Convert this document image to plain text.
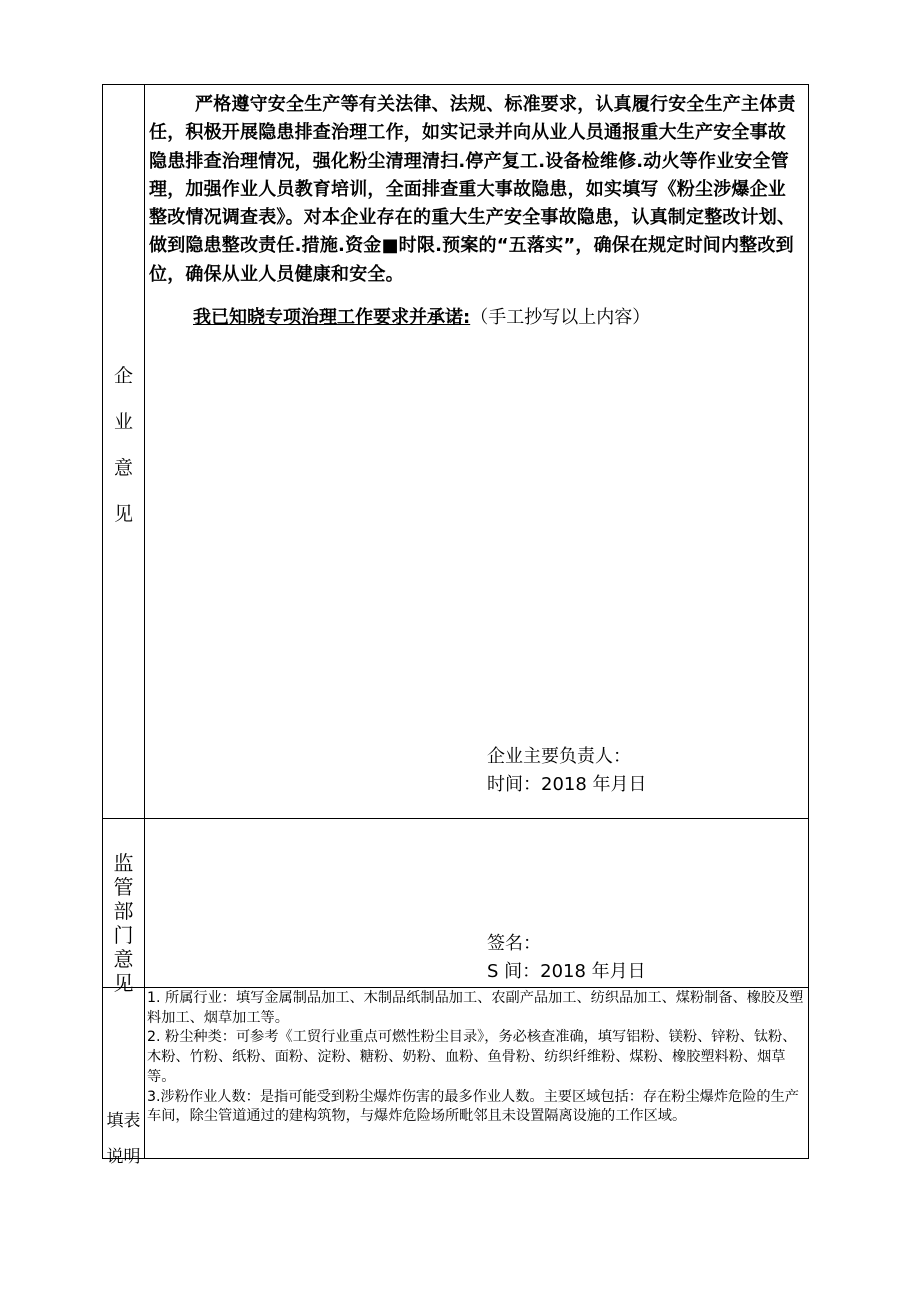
企
业
意
见

严格遵守安全生产等有关法律、法规、标准要求，认真履行安全生产主体责任，积极开展隐患排查治理工作，如实记录并向从业人员通报重大生产安全事故隐患排查治理情况，强化粉尘清理清扫.停产复工.设备检维修.动火等作业安全管理，加强作业人员教育培训，全面排查重大事故隐患，如实填写《粉尘涉爆企业整改情况调查表》。对本企业存在的重大生产安全事故隐患，认真制定整改计划、做到隐患整改责任.措施.资金■时限.预案的“五落实”，确保在规定时间内整改到位，确保从业人员健康和安全。

我已知晓专项治理工作要求并承诺:（手工抄写以上内容）
企业主要负责人：
时间：2018 年月日
监
管
部
门
意
见
签名：
S 间：2018 年月日
填表
说明
1. 所属行业：填写金属制品加工、木制品纸制品加工、农副产品加工、纺织品加工、煤粉制备、橡胶及塑料加工、烟草加工等。
2. 粉尘种类：可参考《工贸行业重点可燃性粉尘目录》，务必核查准确，填写铝粉、镁粉、锌粉、钛粉、木粉、竹粉、纸粉、面粉、淀粉、糖粉、奶粉、血粉、鱼骨粉、纺织纤维粉、煤粉、橡胶塑料粉、烟草等。
3.涉粉作业人数：是指可能受到粉尘爆炸伤害的最多作业人数。主要区域包括：存在粉尘爆炸危险的生产车间，除尘管道通过的建构筑物，与爆炸危险场所毗邻且未设置隔离设施的工作区域。
